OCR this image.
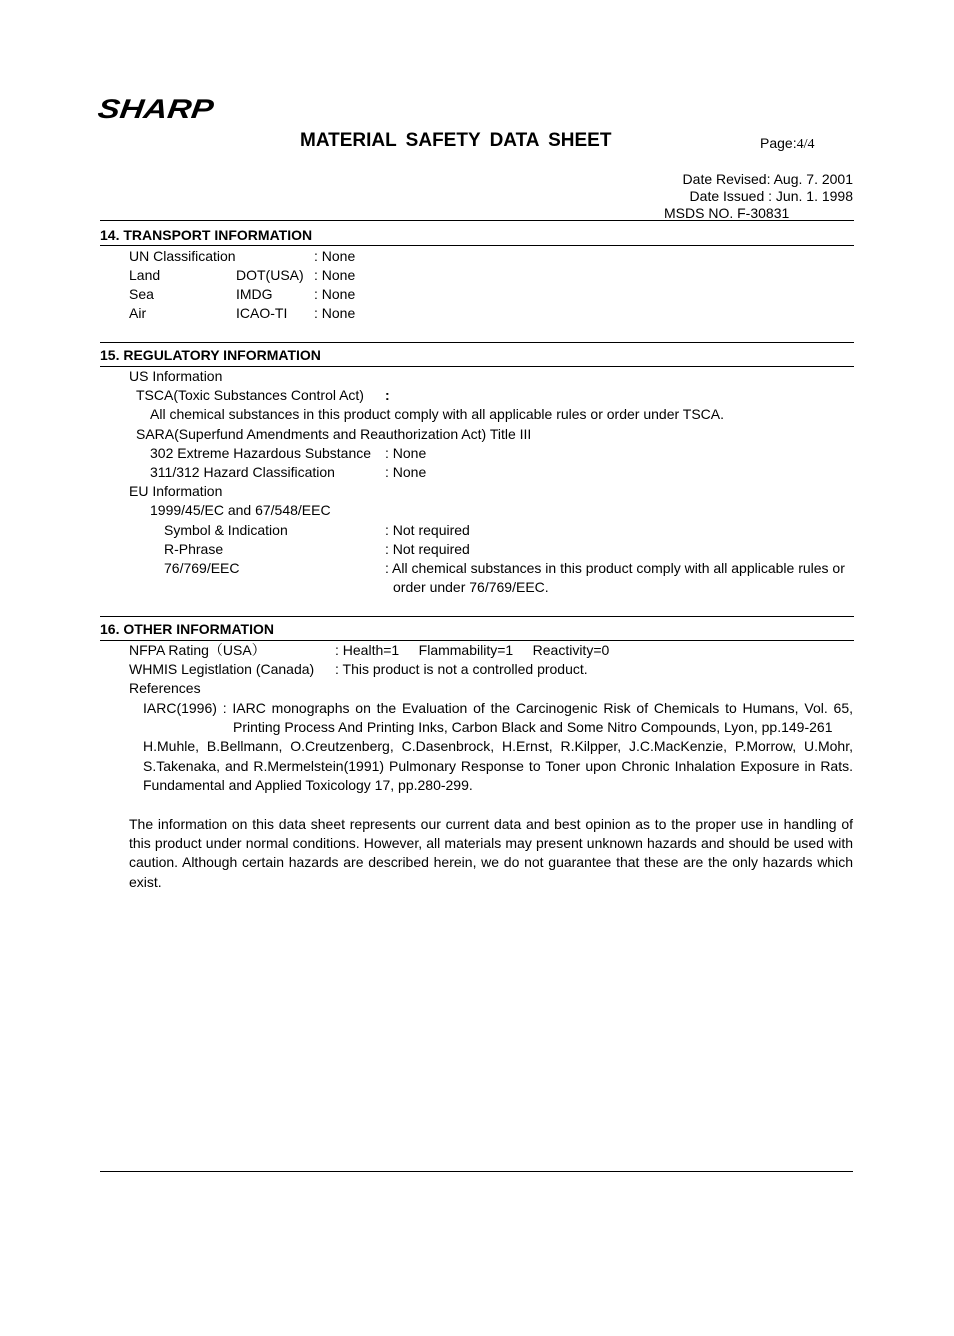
SHARP
MATERIAL SAFETY DATA SHEET	Page:4/4
Date Revised: Aug. 7. 2001
Date Issued : Jun. 1. 1998
MSDS NO. F-30831
14. TRANSPORT INFORMATION
UN Classification	: None
Land	DOT(USA) : None
Sea	IMDG	: None
Air	ICAO-TI : None
15. REGULATORY INFORMATION
US Information
TSCA(Toxic Substances Control Act) :
All chemical substances in this product comply with all applicable rules or order under TSCA.
SARA(Superfund Amendments and Reauthorization Act) Title III
302 Extreme Hazardous Substance : None
311/312 Hazard Classification	: None
EU Information
1999/45/EC and 67/548/EEC
Symbol & Indication	: Not required
R-Phrase	: Not required
76/769/EEC	: All chemical substances in this product comply with all applicable rules or
order under 76/769/EEC.
16. OTHER INFORMATION
NFPA Rating（USA）	: Health=1     Flammability=1     Reactivity=0
WHMIS Legistlation (Canada) : This product is not a controlled product.
References
IARC(1996) : IARC monographs on the Evaluation of the Carcinogenic Risk of Chemicals to Humans, Vol. 65,
Printing Process And Printing Inks, Carbon Black and Some Nitro Compounds, Lyon, pp.149-261
H.Muhle, B.Bellmann, O.Creutzenberg, C.Dasenbrock, H.Ernst, R.Kilpper, J.C.MacKenzie, P.Morrow, U.Mohr,
S.Takenaka, and R.Mermelstein(1991) Pulmonary Response to Toner upon Chronic Inhalation Exposure in Rats.
Fundamental and Applied Toxicology 17, pp.280-299.
The information on this data sheet represents our current data and best opinion as to the proper use in handling of this product under normal conditions. However, all materials may present unknown hazards and should be used with caution. Although certain hazards are described herein, we do not guarantee that these are the only hazards which exist.
